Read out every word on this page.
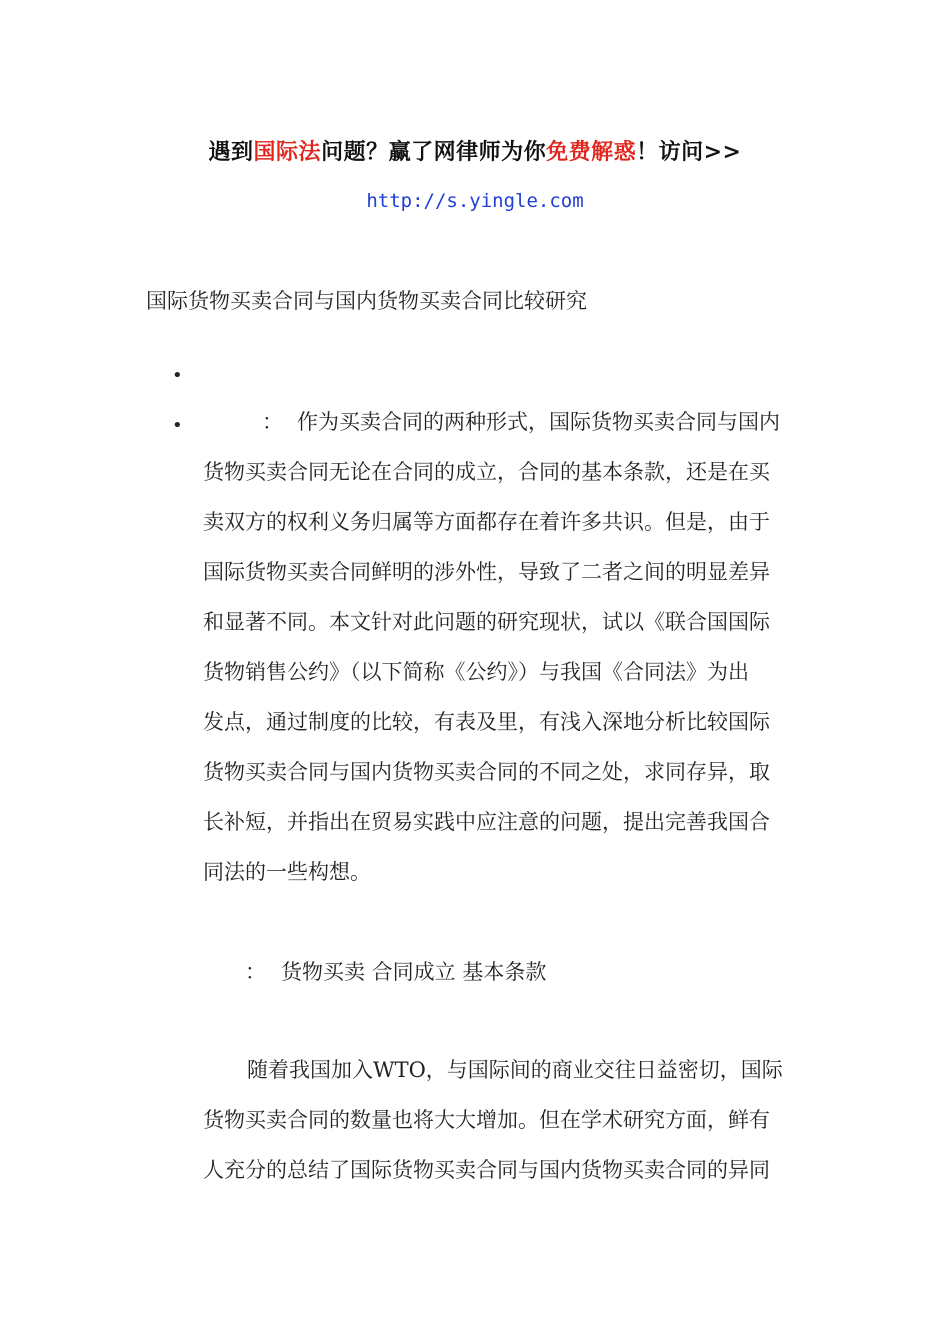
遇到国际法问题？赢了网律师为你免费解惑！访问>>
http://s.yingle.com
国际货物买卖合同与国内货物买卖合同比较研究
•
•	： 作为买卖合同的两种形式，国际货物买卖合同与国内
货物买卖合同无论在合同的成立，合同的基本条款，还是在买
卖双方的权利义务归属等方面都存在着许多共识。但是，由于
国际货物买卖合同鲜明的涉外性，导致了二者之间的明显差异
和显著不同。本文针对此问题的研究现状，试以《联合国国际
货物销售公约》（以下简称《公约》）与我国《合同法》为出
发点，通过制度的比较，有表及里，有浅入深地分析比较国际
货物买卖合同与国内货物买卖合同的不同之处，求同存异，取
长补短，并指出在贸易实践中应注意的问题，提出完善我国合
同法的一些构想。
： 货物买卖 合同成立 基本条款
随着我国加入WTO，与国际间的商业交往日益密切，国际
货物买卖合同的数量也将大大增加。但在学术研究方面，鲜有
人充分的总结了国际货物买卖合同与国内货物买卖合同的异同
